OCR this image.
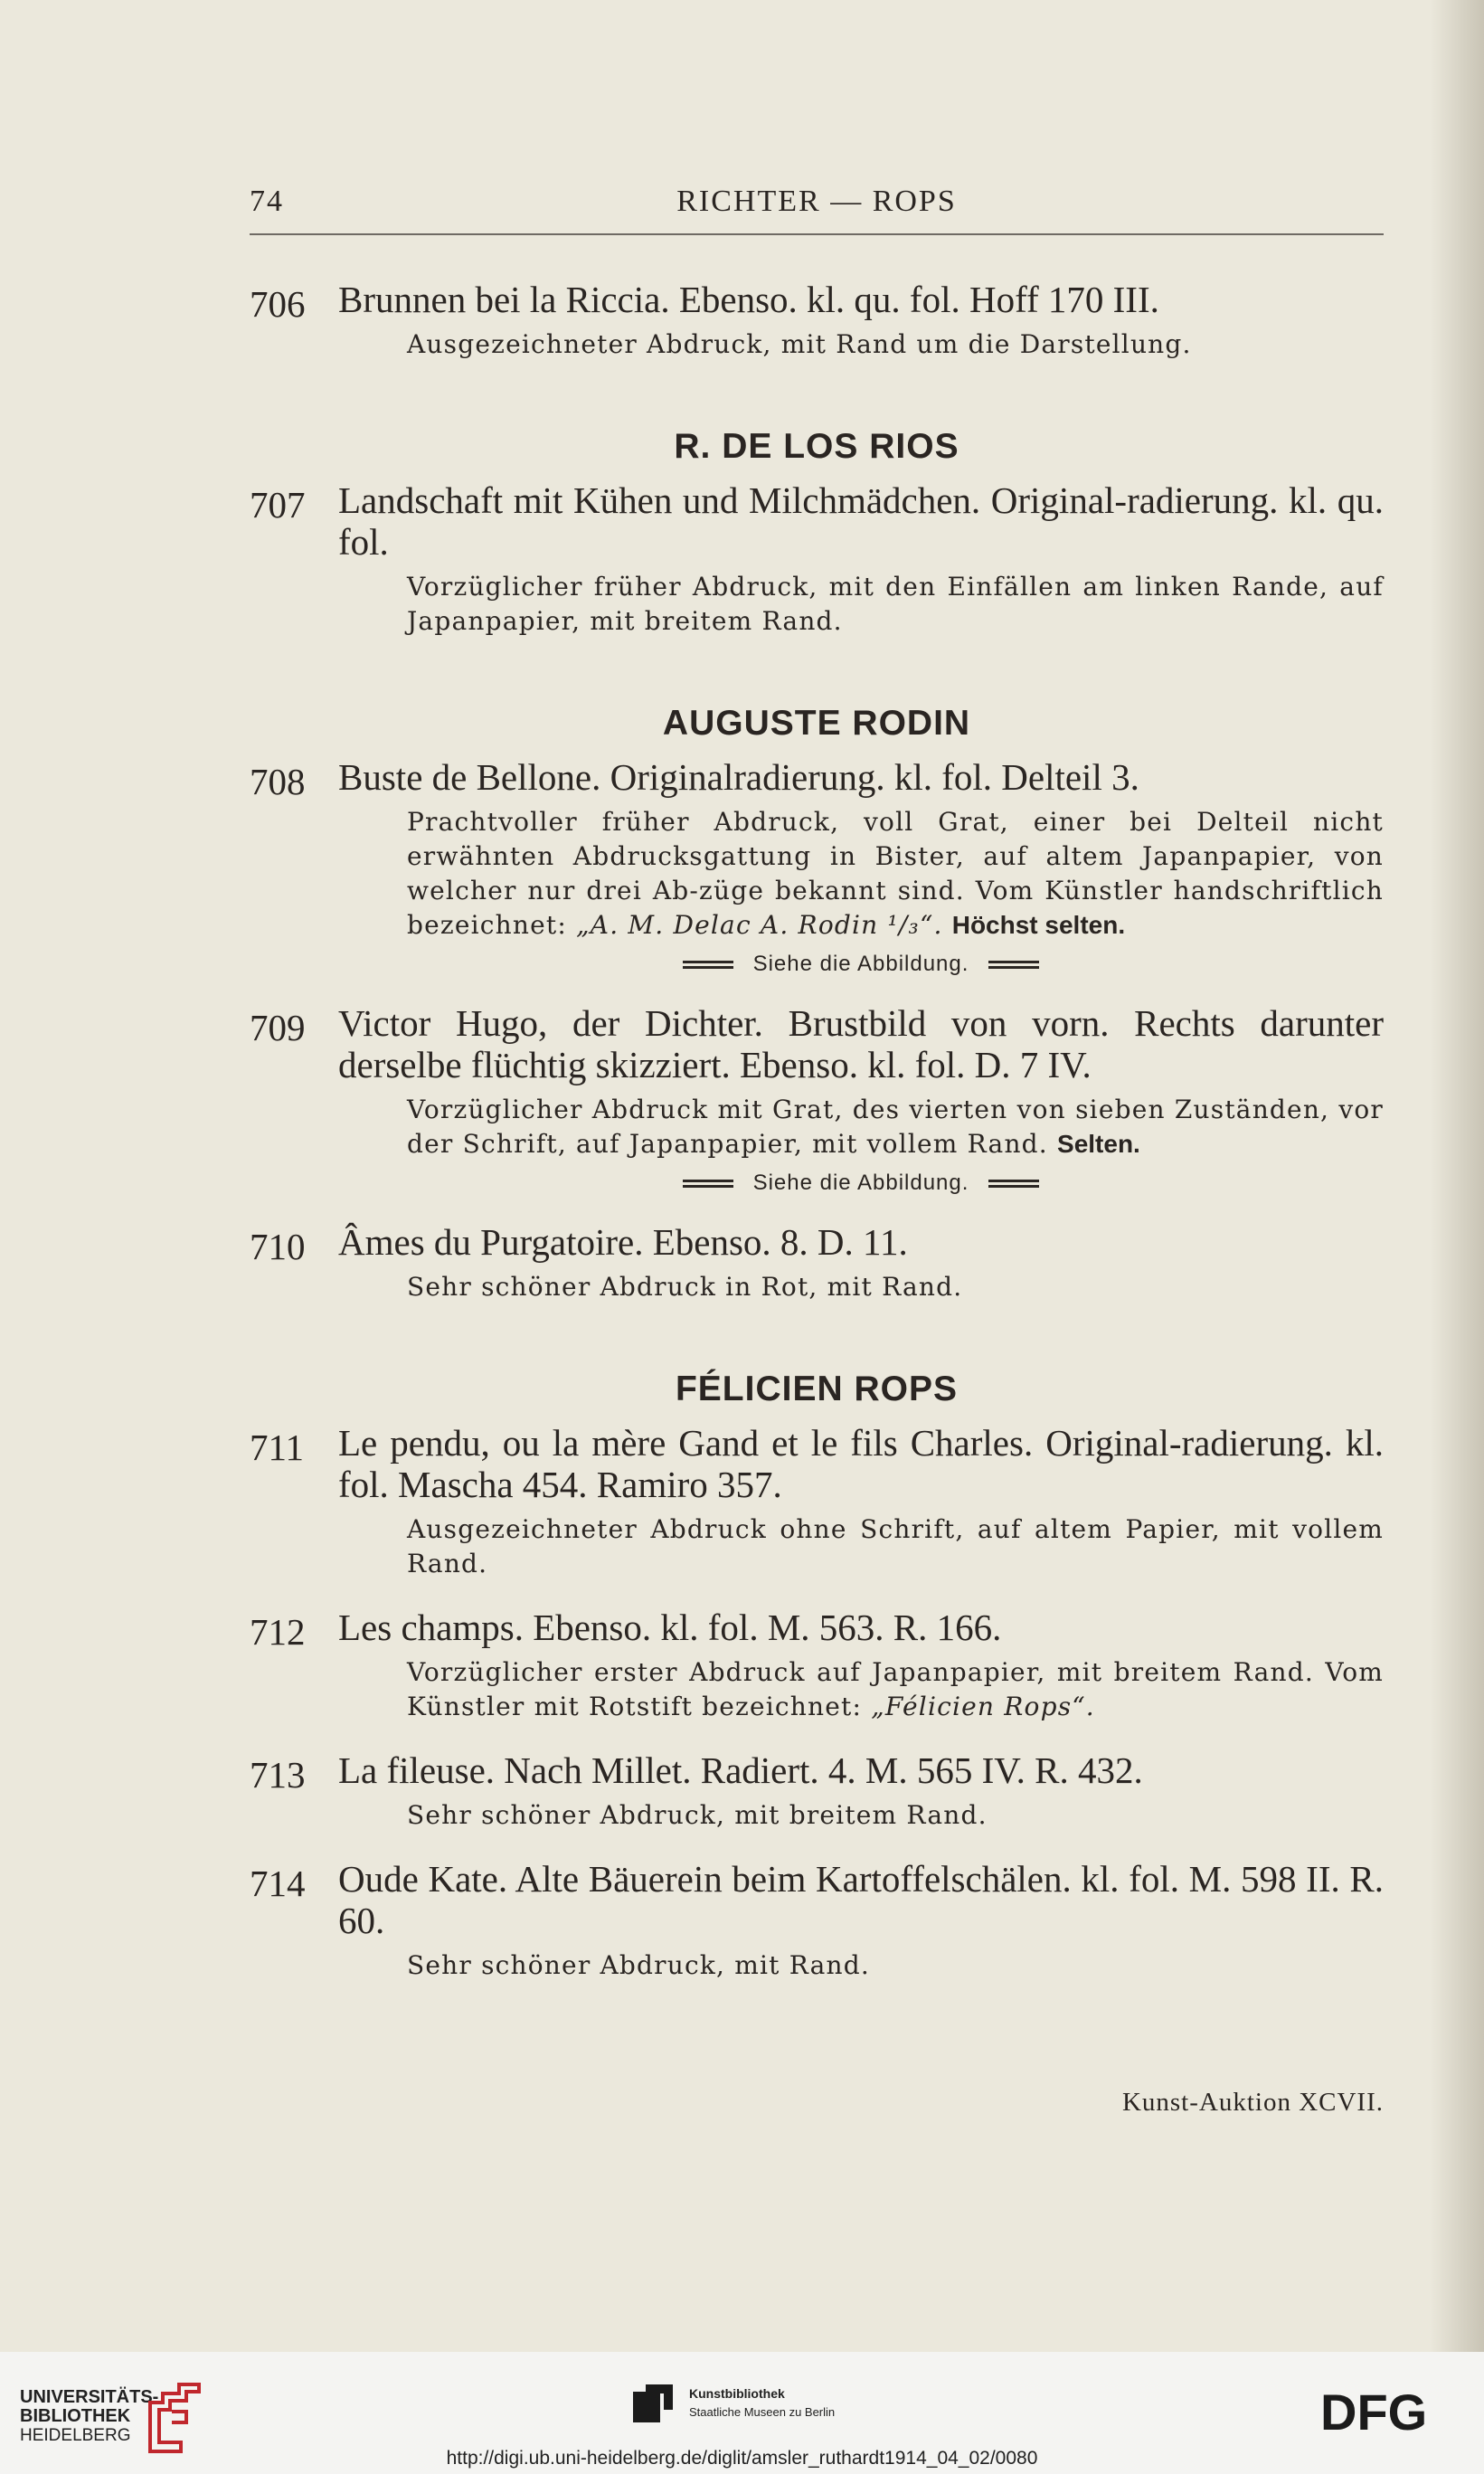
74	RICHTER — ROPS
706 Brunnen bei la Riccia. Ebenso. kl. qu. fol. Hoff 170 III.
Ausgezeichneter Abdruck, mit Rand um die Darstellung.
R. DE LOS RIOS
707 Landschaft mit Kühen und Milchmädchen. Original-radierung. kl. qu. fol.
Vorzüglicher früher Abdruck, mit den Einfällen am linken Rande, auf Japanpapier, mit breitem Rand.
AUGUSTE RODIN
708 Buste de Bellone. Originalradierung. kl. fol. Delteil 3.
Prachtvoller früher Abdruck, voll Grat, einer bei Delteil nicht erwähnten Abdrucksgattung in Bister, auf altem Japanpapier, von welcher nur drei Ab-züge bekannt sind. Vom Künstler handschriftlich bezeichnet: „A. M. Delac A. Rodin ¹/₃“. Höchst selten.
Siehe die Abbildung.
709 Victor Hugo, der Dichter. Brustbild von vorn. Rechts darunter derselbe flüchtig skizziert. Ebenso. kl. fol. D. 7 IV.
Vorzüglicher Abdruck mit Grat, des vierten von sieben Zuständen, vor der Schrift, auf Japanpapier, mit vollem Rand. Selten.
Siehe die Abbildung.
710 Âmes du Purgatoire. Ebenso. 8. D. 11.
Sehr schöner Abdruck in Rot, mit Rand.
FÉLICIEN ROPS
711 Le pendu, ou la mère Gand et le fils Charles. Original-radierung. kl. fol. Mascha 454. Ramiro 357.
Ausgezeichneter Abdruck ohne Schrift, auf altem Papier, mit vollem Rand.
712 Les champs. Ebenso. kl. fol. M. 563. R. 166.
Vorzüglicher erster Abdruck auf Japanpapier, mit breitem Rand. Vom Künstler mit Rotstift bezeichnet: „Félicien Rops“.
713 La fileuse. Nach Millet. Radiert. 4. M. 565 IV. R. 432.
Sehr schöner Abdruck, mit breitem Rand.
714 Oude Kate. Alte Bäuerein beim Kartoffelschälen. kl. fol. M. 598 II. R. 60.
Sehr schöner Abdruck, mit Rand.
Kunst-Auktion XCVII.
UNIVERSITÄTS-
BIBLIOTHEK
HEIDELBERG
Kunstbibliothek
Staatliche Museen zu Berlin	DFG
http://digi.ub.uni-heidelberg.de/diglit/amsler_ruthardt1914_04_02/0080
